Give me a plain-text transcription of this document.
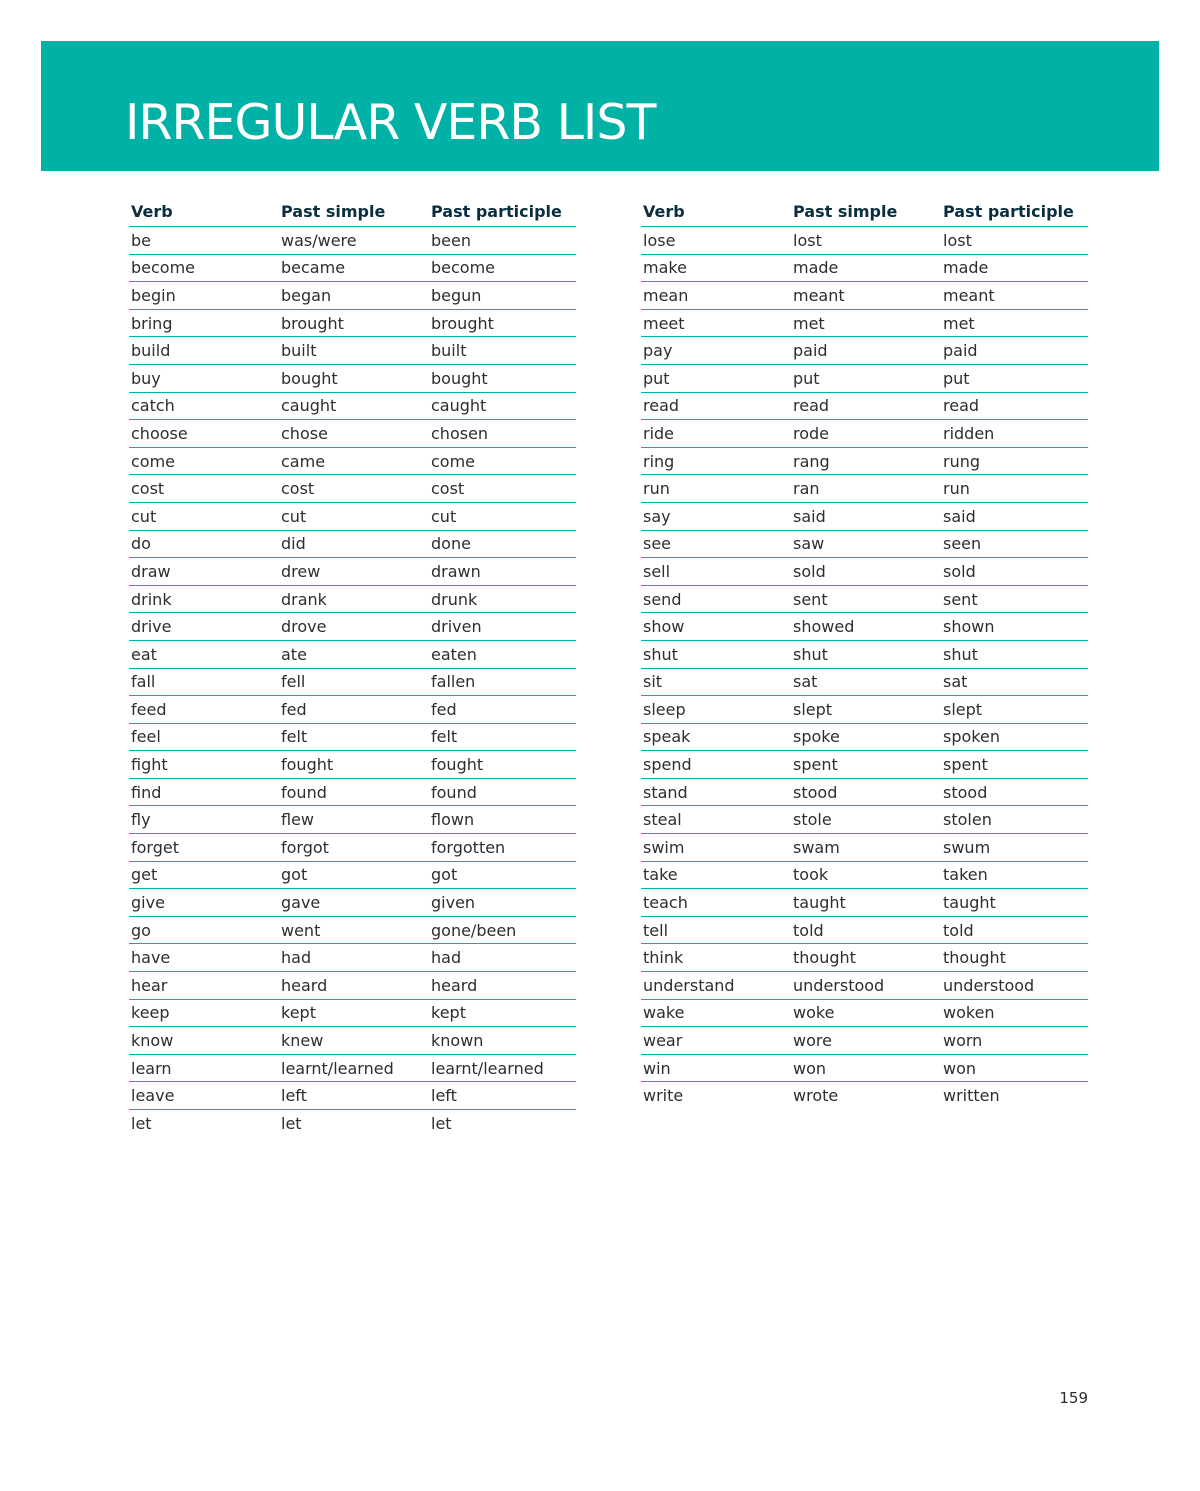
IRREGULAR VERB LIST
Verb	Past simple	Past participle
be	was/were	been
become	became	become
begin	began	begun
bring	brought	brought
build	built	built
buy	bought	bought
catch	caught	caught
choose	chose	chosen
come	came	come
cost	cost	cost
cut	cut	cut
do	did	done
draw	drew	drawn
drink	drank	drunk
drive	drove	driven
eat	ate	eaten
fall	fell	fallen
feed	fed	fed
feel	felt	felt
fight	fought	fought
find	found	found
fly	flew	flown
forget	forgot	forgotten
get	got	got
give	gave	given
go	went	gone/been
have	had	had
hear	heard	heard
keep	kept	kept
know	knew	known
learn	learnt/learned	learnt/learned
leave	left	left
let	let	let
Verb	Past simple	Past participle
lose	lost	lost
make	made	made
mean	meant	meant
meet	met	met
pay	paid	paid
put	put	put
read	read	read
ride	rode	ridden
ring	rang	rung
run	ran	run
say	said	said
see	saw	seen
sell	sold	sold
send	sent	sent
show	showed	shown
shut	shut	shut
sit	sat	sat
sleep	slept	slept
speak	spoke	spoken
spend	spent	spent
stand	stood	stood
steal	stole	stolen
swim	swam	swum
take	took	taken
teach	taught	taught
tell	told	told
think	thought	thought
understand	understood	understood
wake	woke	woken
wear	wore	worn
win	won	won
write	wrote	written
159
